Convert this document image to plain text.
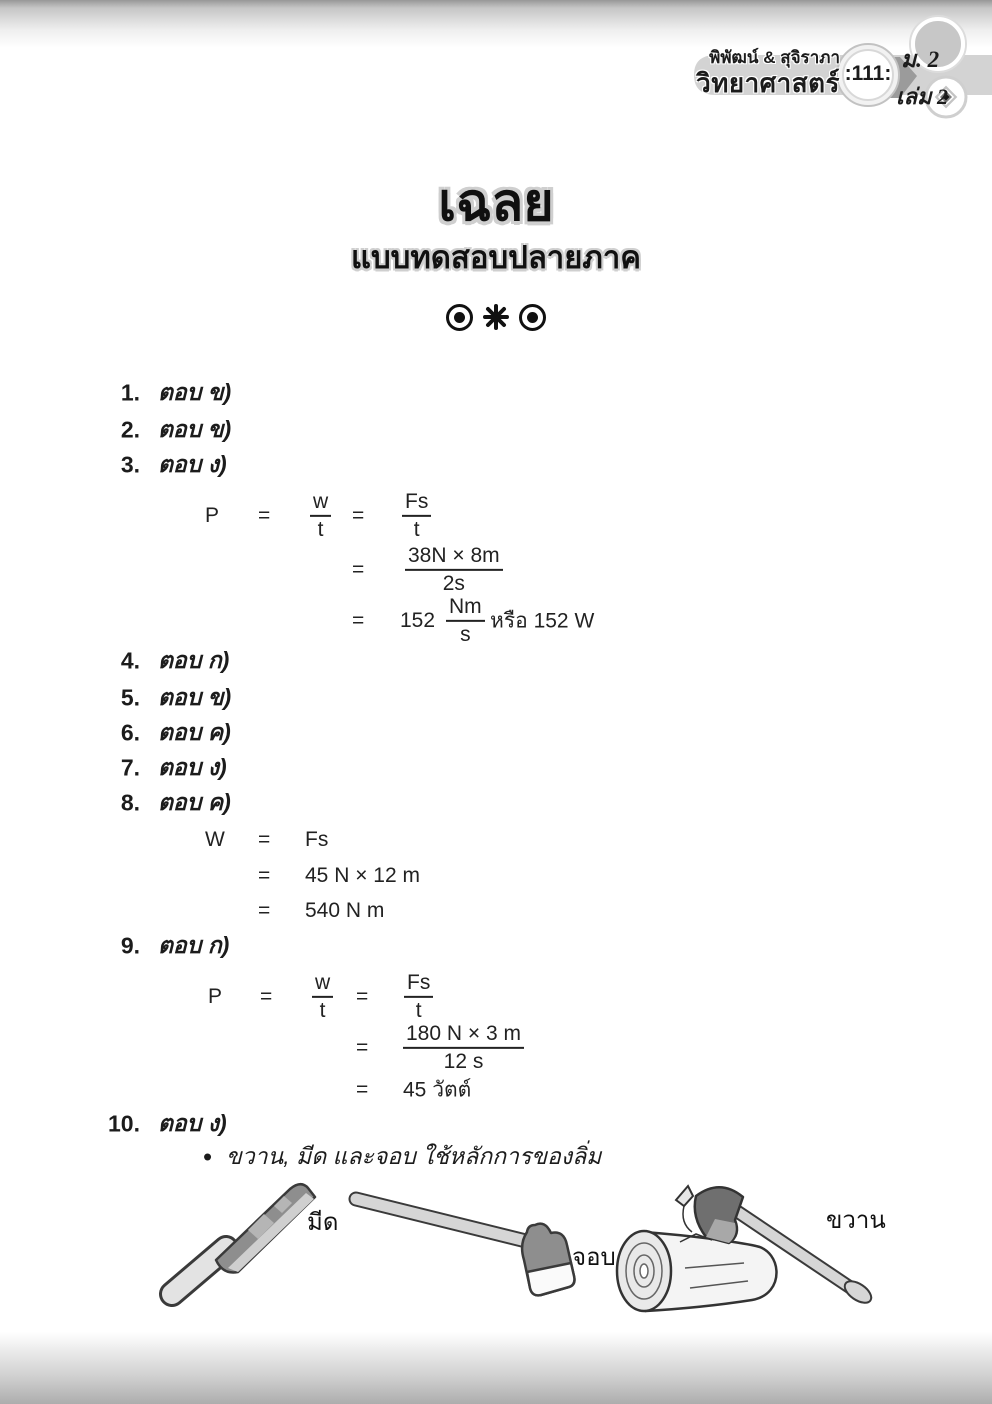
พิพัฒน์ & สุจิราภา
วิทยาศาสตร์ :111:
ม. 2
เล่ม 2
เฉลย
แบบทดสอบปลายภาค
1. ตอบ ข)
2. ตอบ ข)
3. ตอบ ง)
$P = \frac{w}{t} = \frac{Fs}{t}$
= $\frac{38N \times 8m}{2s}$
= $152 \frac{Nm}{s}$ หรือ 152 W
4. ตอบ ก)
5. ตอบ ข)
6. ตอบ ค)
7. ตอบ ง)
8. ตอบ ค)
W = Fs
= 45 N × 12 m
= 540 N m
9. ตอบ ก)
$P = \frac{w}{t} = \frac{Fs}{t}$
= $\frac{180 N \times 3 m}{12 s}$
= 45 วัตต์
10. ตอบ ง)
• ขวาน, มีด และจอบ ใช้หลักการของลิ่ม
มีด
จอบ
ขวาน
